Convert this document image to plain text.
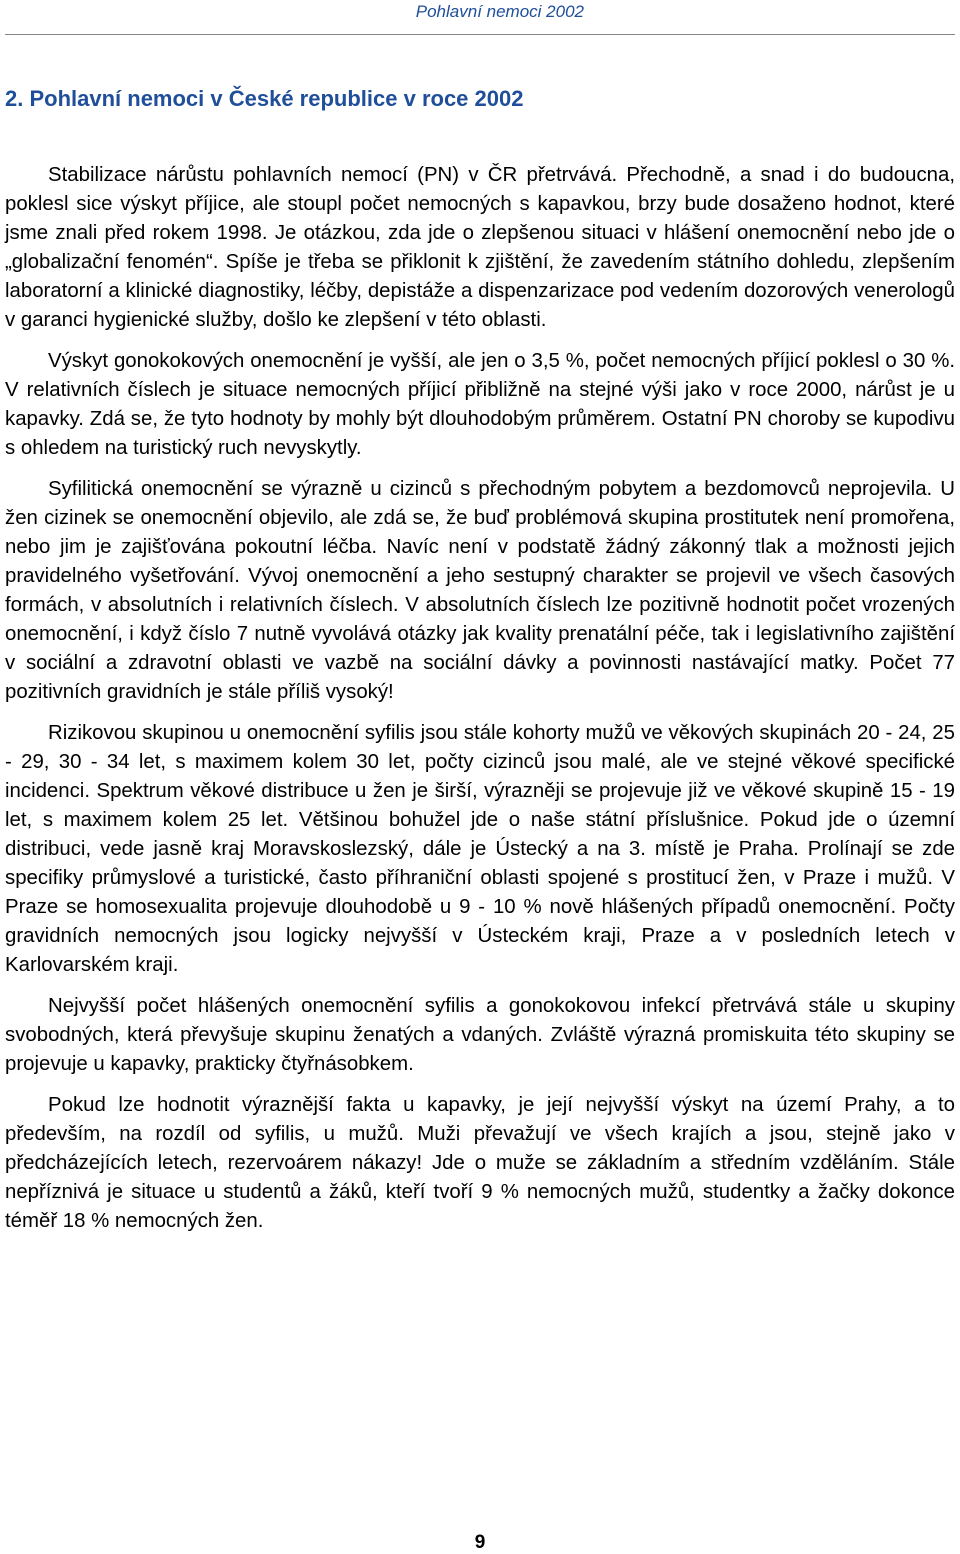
Pohlavní nemoci 2002
2. Pohlavní nemoci v České republice v roce 2002

Stabilizace nárůstu pohlavních nemocí (PN) v ČR přetrvává. Přechodně, a snad i do budoucna, poklesl sice výskyt příjice, ale stoupl počet nemocných s kapavkou, brzy bude dosaženo hodnot, které jsme znali před rokem 1998. Je otázkou, zda jde o zlepšenou situaci v hlášení onemocnění nebo jde o „globalizační fenomén“. Spíše je třeba se přiklonit k zjištění, že zavedením státního dohledu, zlepšením laboratorní a klinické diagnostiky, léčby, depistáže a dispenzarizace pod vedením dozorových venerologů v garanci hygienické služby, došlo ke zlepšení v této oblasti.

Výskyt gonokokových onemocnění je vyšší, ale jen o 3,5 %, počet nemocných příjicí poklesl o 30 %. V relativních číslech je situace nemocných příjicí přibližně na stejné výši jako v roce 2000, nárůst je u kapavky. Zdá se, že tyto hodnoty by mohly být dlouhodobým průměrem. Ostatní PN choroby se kupodivu s ohledem na turistický ruch nevyskytly.

Syfilitická onemocnění se výrazně u cizinců s přechodným pobytem a bezdomovců neprojevila. U žen cizinek se onemocnění objevilo, ale zdá se, že buď problémová skupina prostitutek není promořena, nebo jim je zajišťována pokoutní léčba. Navíc není v podstatě žádný zákonný tlak a možnosti jejich pravidelného vyšetřování. Vývoj onemocnění a jeho sestupný charakter se projevil ve všech časových formách, v absolutních i relativních číslech. V absolutních číslech lze pozitivně hodnotit počet vrozených onemocnění, i když číslo 7 nutně vyvolává otázky jak kvality prenatální péče, tak i legislativního zajištění v sociální a zdravotní oblasti ve vazbě na sociální dávky a povinnosti nastávající matky. Počet 77 pozitivních gravidních je stále příliš vysoký!

Rizikovou skupinou u onemocnění syfilis jsou stále kohorty mužů ve věkových skupinách 20 - 24, 25 - 29, 30 - 34 let, s maximem kolem 30 let, počty cizinců jsou malé, ale ve stejné věkové specifické incidenci. Spektrum věkové distribuce u žen je širší, výrazněji se projevuje již ve věkové skupině 15 - 19 let, s maximem kolem 25 let. Většinou bohužel jde o naše státní příslušnice. Pokud jde o územní distribuci, vede jasně kraj Moravskoslezský, dále je Ústecký a na 3. místě je Praha. Prolínají se zde specifiky průmyslové a turistické, často příhraniční oblasti spojené s prostitucí žen, v Praze i mužů. V Praze se homosexualita projevuje dlouhodobě u 9 - 10 % nově hlášených případů onemocnění. Počty gravidních nemocných jsou logicky nejvyšší v Ústeckém kraji, Praze a v posledních letech v Karlovarském kraji.

Nejvyšší počet hlášených onemocnění syfilis a gonokokovou infekcí přetrvává stále u skupiny svobodných, která převyšuje skupinu ženatých a vdaných. Zvláště výrazná promiskuita této skupiny se projevuje u kapavky, prakticky čtyřnásobkem.

Pokud lze hodnotit výraznější fakta u kapavky, je její nejvyšší výskyt na území Prahy, a to především, na rozdíl od syfilis, u mužů. Muži převažují ve všech krajích a jsou, stejně jako v předcházejících letech, rezervoárem nákazy! Jde o muže se základním a středním vzděláním. Stále nepříznivá je situace u studentů a žáků, kteří tvoří 9 % nemocných mužů, studentky a žačky dokonce téměř 18 % nemocných žen.

9
